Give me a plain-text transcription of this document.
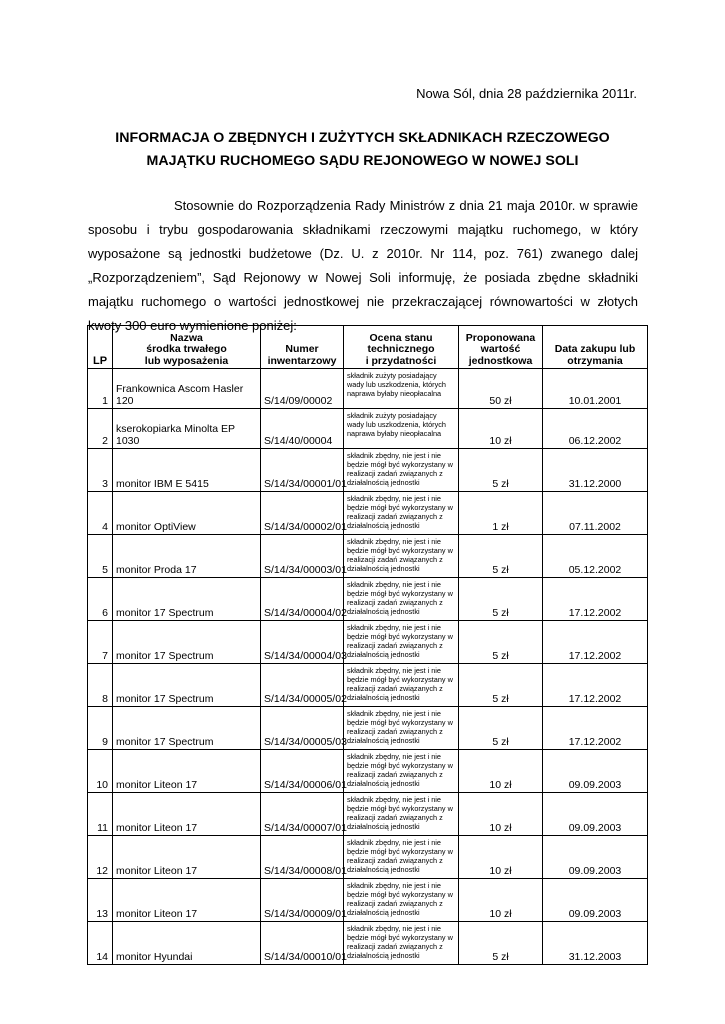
Nowa Sól, dnia 28 października 2011r.
INFORMACJA O ZBĘDNYCH I ZUŻYTYCH SKŁADNIKACH RZECZOWEGO
MAJĄTKU RUCHOMEGO SĄDU REJONOWEGO W NOWEJ SOLI
Stosownie do Rozporządzenia Rady Ministrów z dnia 21 maja 2010r. w sprawie sposobu i trybu gospodarowania składnikami rzeczowymi majątku ruchomego, w który wyposażone są jednostki budżetowe (Dz. U. z 2010r. Nr 114, poz. 761) zwanego dalej „Rozporządzeniem”, Sąd Rejonowy w Nowej Soli informuję, że posiada zbędne składniki majątku ruchomego o wartości jednostkowej nie przekraczającej równowartości w złotych kwoty 300 euro wymienione poniżej:
LP	Nazwa
środka trwałego
lub wyposażenia	Numer
inwentarzowy	Ocena stanu
technicznego
i przydatności	Proponowana
wartość
jednostkowa	Data zakupu lub
otrzymania
1	Frankownica Ascom Hasler 120	S/14/09/00002	składnik zużyty posiadający wady lub uszkodzenia, których naprawa byłaby nieopłacalna	50 zł	10.01.2001
2	kserokopiarka Minolta EP 1030	S/14/40/00004	składnik zużyty posiadający wady lub uszkodzenia, których naprawa byłaby nieopłacalna	10 zł	06.12.2002
3	monitor IBM E 5415	S/14/34/00001/01	składnik zbędny, nie jest i nie będzie mógł być wykorzystany w realizacji zadań związanych z działalnością jednostki	5 zł	31.12.2000
4	monitor OptiView	S/14/34/00002/01	składnik zbędny, nie jest i nie będzie mógł być wykorzystany w realizacji zadań związanych z działalnością jednostki	1 zł	07.11.2002
5	monitor Proda 17	S/14/34/00003/01	składnik zbędny, nie jest i nie będzie mógł być wykorzystany w realizacji zadań związanych z działalnością jednostki	5 zł	05.12.2002
6	monitor 17 Spectrum	S/14/34/00004/02	składnik zbędny, nie jest i nie będzie mógł być wykorzystany w realizacji zadań związanych z działalnością jednostki	5 zł	17.12.2002
7	monitor 17 Spectrum	S/14/34/00004/03	składnik zbędny, nie jest i nie będzie mógł być wykorzystany w realizacji zadań związanych z działalnością jednostki	5 zł	17.12.2002
8	monitor 17 Spectrum	S/14/34/00005/02	składnik zbędny, nie jest i nie będzie mógł być wykorzystany w realizacji zadań związanych z działalnością jednostki	5 zł	17.12.2002
9	monitor 17 Spectrum	S/14/34/00005/03	składnik zbędny, nie jest i nie będzie mógł być wykorzystany w realizacji zadań związanych z działalnością jednostki	5 zł	17.12.2002
10	monitor Liteon 17	S/14/34/00006/01	składnik zbędny, nie jest i nie będzie mógł być wykorzystany w realizacji zadań związanych z działalnością jednostki	10 zł	09.09.2003
11	monitor Liteon 17	S/14/34/00007/01	składnik zbędny, nie jest i nie będzie mógł być wykorzystany w realizacji zadań związanych z działalnością jednostki	10 zł	09.09.2003
12	monitor Liteon 17	S/14/34/00008/01	składnik zbędny, nie jest i nie będzie mógł być wykorzystany w realizacji zadań związanych z działalnością jednostki	10 zł	09.09.2003
13	monitor Liteon 17	S/14/34/00009/01	składnik zbędny, nie jest i nie będzie mógł być wykorzystany w realizacji zadań związanych z działalnością jednostki	10 zł	09.09.2003
14	monitor Hyundai	S/14/34/00010/01	składnik zbędny, nie jest i nie będzie mógł być wykorzystany w realizacji zadań związanych z działalnością jednostki	5 zł	31.12.2003
